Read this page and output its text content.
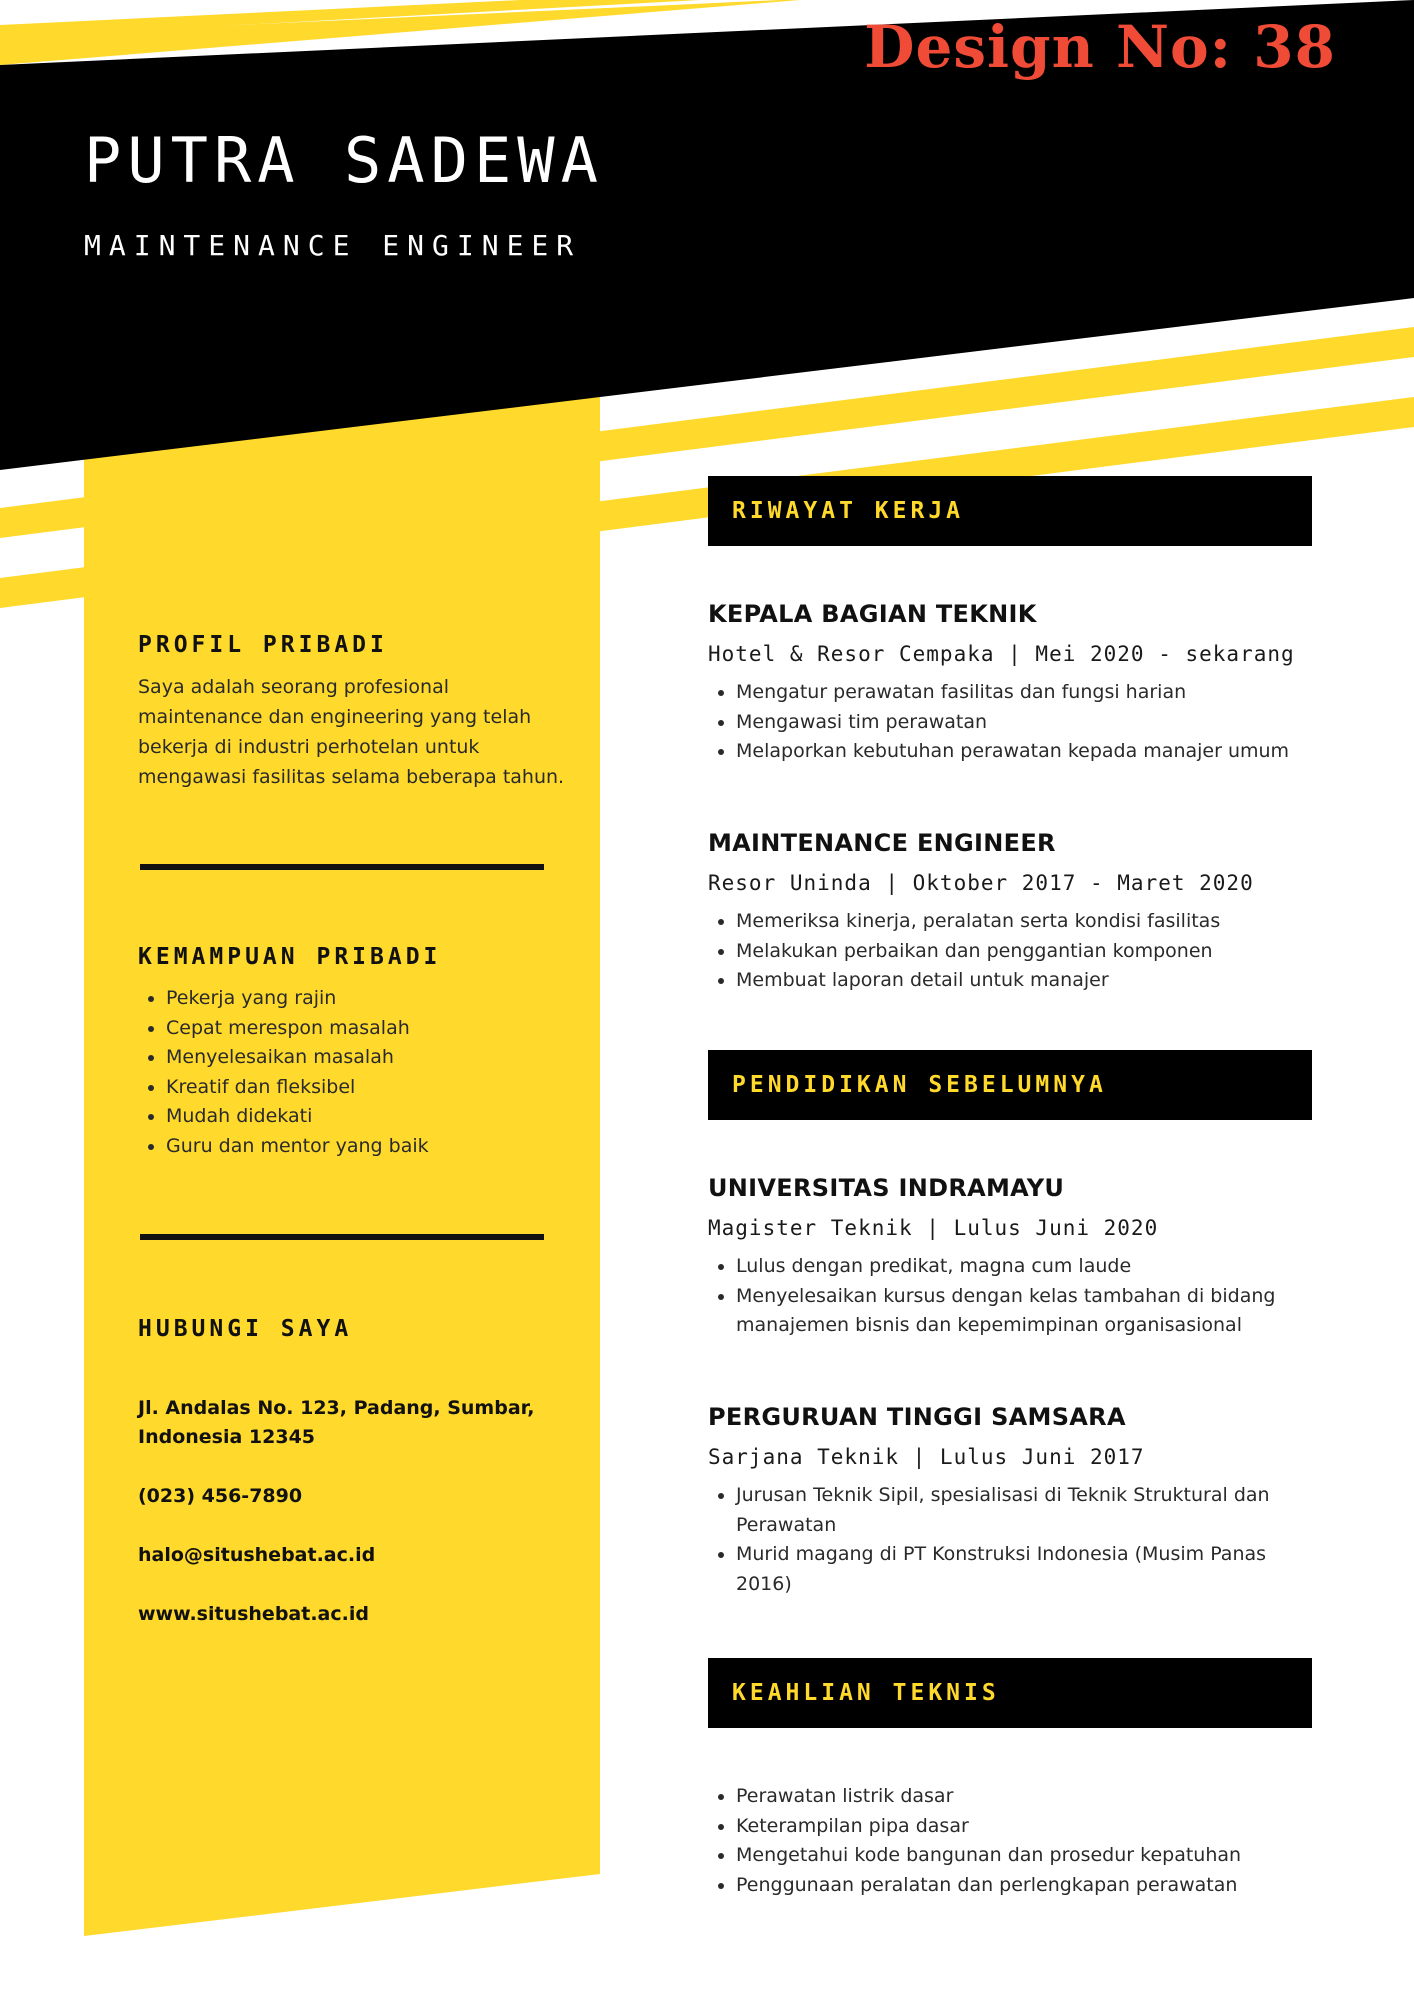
Design No: 38
PUTRA SADEWA
MAINTENANCE ENGINEER
PROFIL PRIBADI
Saya adalah seorang profesional
maintenance dan engineering yang telah
bekerja di industri perhotelan untuk
mengawasi fasilitas selama beberapa tahun.
KEMAMPUAN PRIBADI
• Pekerja yang rajin
• Cepat merespon masalah
• Menyelesaikan masalah
• Kreatif dan fleksibel
• Mudah didekati
• Guru dan mentor yang baik
HUBUNGI SAYA

Jl. Andalas No. 123, Padang, Sumbar,

Indonesia 12345

(023) 456-7890

halo@situshebat.ac.id

www.situshebat.ac.id

RIWAYAT KERJA
KEPALA BAGIAN TEKNIK
Hotel & Resor Cempaka | Mei 2020 - sekarang
• Mengatur perawatan fasilitas dan fungsi harian
• Mengawasi tim perawatan
• Melaporkan kebutuhan perawatan kepada manajer umum
MAINTENANCE ENGINEER
Resor Uninda | Oktober 2017 - Maret 2020
• Memeriksa kinerja, peralatan serta kondisi fasilitas
• Melakukan perbaikan dan penggantian komponen
• Membuat laporan detail untuk manajer
PENDIDIKAN SEBELUMNYA
UNIVERSITAS INDRAMAYU
Magister Teknik | Lulus Juni 2020
• Lulus dengan predikat, magna cum laude
• Menyelesaikan kursus dengan kelas tambahan di bidang manajemen bisnis dan kepemimpinan organisasional
PERGURUAN TINGGI SAMSARA
Sarjana Teknik | Lulus Juni 2017
• Jurusan Teknik Sipil, spesialisasi di Teknik Struktural dan Perawatan
• Murid magang di PT Konstruksi Indonesia (Musim Panas 2016)
KEAHLIAN TEKNIS
• Perawatan listrik dasar
• Keterampilan pipa dasar
• Mengetahui kode bangunan dan prosedur kepatuhan
• Penggunaan peralatan dan perlengkapan perawatan
